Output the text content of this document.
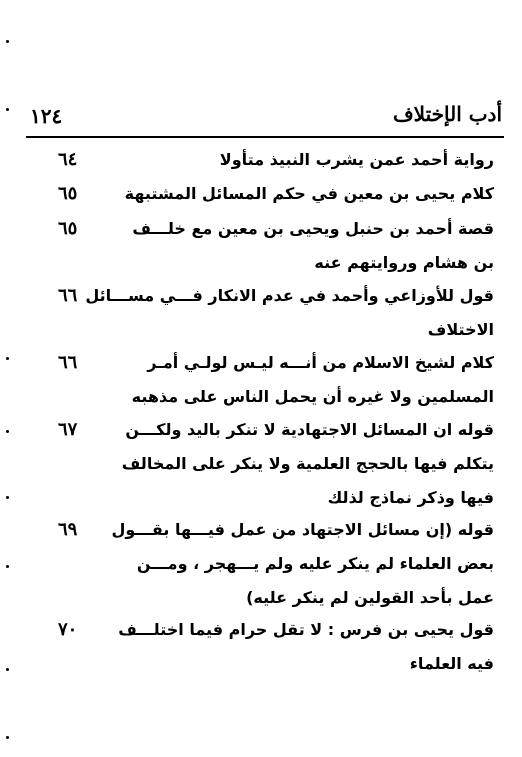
أدب الإختلاف
١٢٤
رواية أحمد عمن يشرب النبيذ متأولا
٦٤
كلام يحيى بن معين في حكم المسائل المشتبهة
٦٥
قصة أحمد بن حنبل ويحيى بن معين مع خلـــف
بن هشام وروايتهم عنه
٦٥
قول للأوزاعي وأحمد في عدم الانكار فـــي مســـائل
الاختلاف
٦٦
كلام لشيخ الاسلام من أنـــه ليـس لولـي أمـر
المسلمين ولا غيره أن يحمل الناس على مذهبه
٦٦
قوله ان المسائل الاجتهادية لا تنكر باليد ولكـــن
يتكلم فيها بالحجج العلمية ولا ينكر على المخالف
فيها وذكر نماذج لذلك
٦٧
قوله (إن مسائل الاجتهاد من عمل فيـــها بقـــول
بعض العلماء لم ينكر عليه ولم يـــهجر ، ومـــن
عمل بأحد القولين لم ينكر عليه)
٦٩
قول يحيى بن فرس : لا تقل حرام فيما اختلـــف
فيه العلماء
٧٠
